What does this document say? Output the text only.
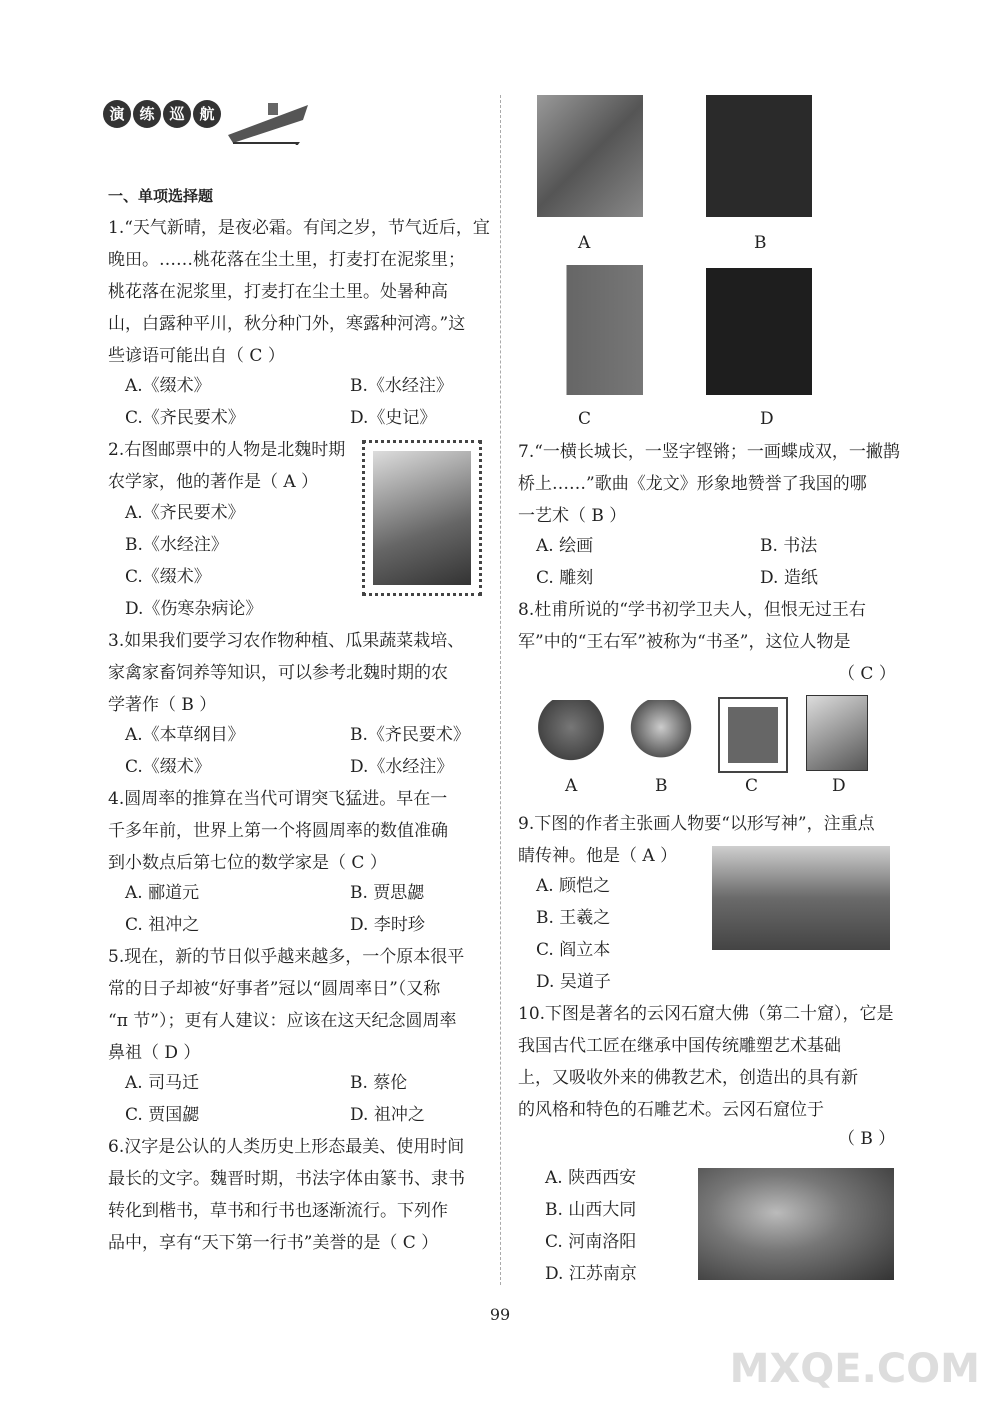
演 练 巡 航
一、单项选择题
1.“天气新晴，是夜必霜。有闰之岁，节气近后，宜
晚田。……桃花落在尘土里，打麦打在泥浆里；
桃花落在泥浆里，打麦打在尘土里。处暑种高
山，白露种平川，秋分种门外，寒露种河湾。”这
些谚语可能出自（ C ）
A.《缀术》	B.《水经注》
C.《齐民要术》	D.《史记》
2.右图邮票中的人物是北魏时期
农学家，他的著作是（ A ）
A.《齐民要术》
B.《水经注》
C.《缀术》
D.《伤寒杂病论》
3.如果我们要学习农作物种植、瓜果蔬菜栽培、
家禽家畜饲养等知识，可以参考北魏时期的农
学著作（ B ）
A.《本草纲目》	B.《齐民要术》
C.《缀术》	D.《水经注》
4.圆周率的推算在当代可谓突飞猛进。早在一
千多年前，世界上第一个将圆周率的数值准确
到小数点后第七位的数学家是（ C ）
A. 郦道元	B. 贾思勰
C. 祖冲之	D. 李时珍
5.现在，新的节日似乎越来越多，一个原本很平
常的日子却被“好事者”冠以“圆周率日”（又称
“π 节”）；更有人建议：应该在这天纪念圆周率
鼻祖（ D ）
A. 司马迁	B. 蔡伦
C. 贾国勰	D. 祖冲之
6.汉字是公认的人类历史上形态最美、使用时间
最长的文字。魏晋时期，书法字体由篆书、隶书
转化到楷书，草书和行书也逐渐流行。下列作
品中，享有“天下第一行书”美誉的是（ C ）
A	B
C	D
7.“一横长城长，一竖字铿锵；一画蝶成双，一撇鹊
桥上……”歌曲《龙文》形象地赞誉了我国的哪
一艺术（ B ）
A. 绘画	B. 书法
C. 雕刻	D. 造纸
8.杜甫所说的“学书初学卫夫人，但恨无过王右
军”中的“王右军”被称为“书圣”，这位人物是
（ C ）
A	B	C	D
9.下图的作者主张画人物要“以形写神”，注重点
睛传神。他是（ A ）
A. 顾恺之
B. 王羲之
C. 阎立本
D. 吴道子
10.下图是著名的云冈石窟大佛（第二十窟），它是
我国古代工匠在继承中国传统雕塑艺术基础
上，又吸收外来的佛教艺术，创造出的具有新
的风格和特色的石雕艺术。云冈石窟位于
（ B ）
A. 陕西西安
B. 山西大同
C. 河南洛阳
D. 江苏南京
99
MXQE.COM
